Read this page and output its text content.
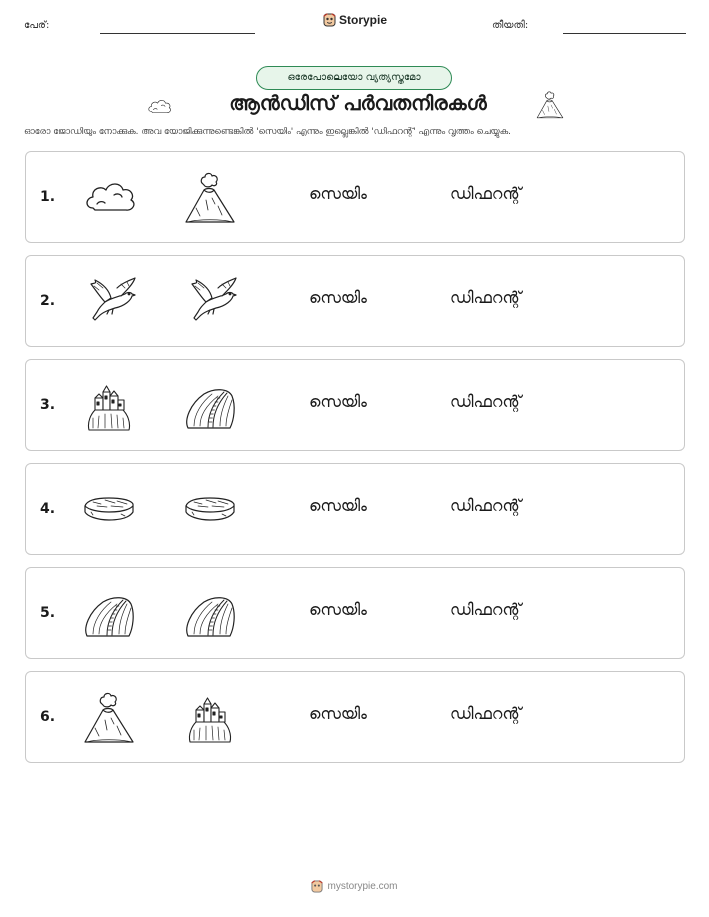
പേര്:	Storypie	തീയതി:
ഒരേപോലെയോ വ്യത്യസ്തമോ
ആൻഡിസ് പർവതനിരകൾ
ഓരോ ജോഡിയും നോക്കുക. അവ യോജിക്കുന്നുണ്ടെങ്കിൽ 'സെയിം' എന്നും ഇല്ലെങ്കിൽ 'ഡിഫറന്റ്' എന്നും വൃത്തം ചെയ്യുക.
1.	സെയിം	ഡിഫറന്റ്
2.	സെയിം	ഡിഫറന്റ്
3.	സെയിം	ഡിഫറന്റ്
4.	സെയിം	ഡിഫറന്റ്
5.	സെയിം	ഡിഫറന്റ്
6.	സെയിം	ഡിഫറന്റ്
mystorypie.com
